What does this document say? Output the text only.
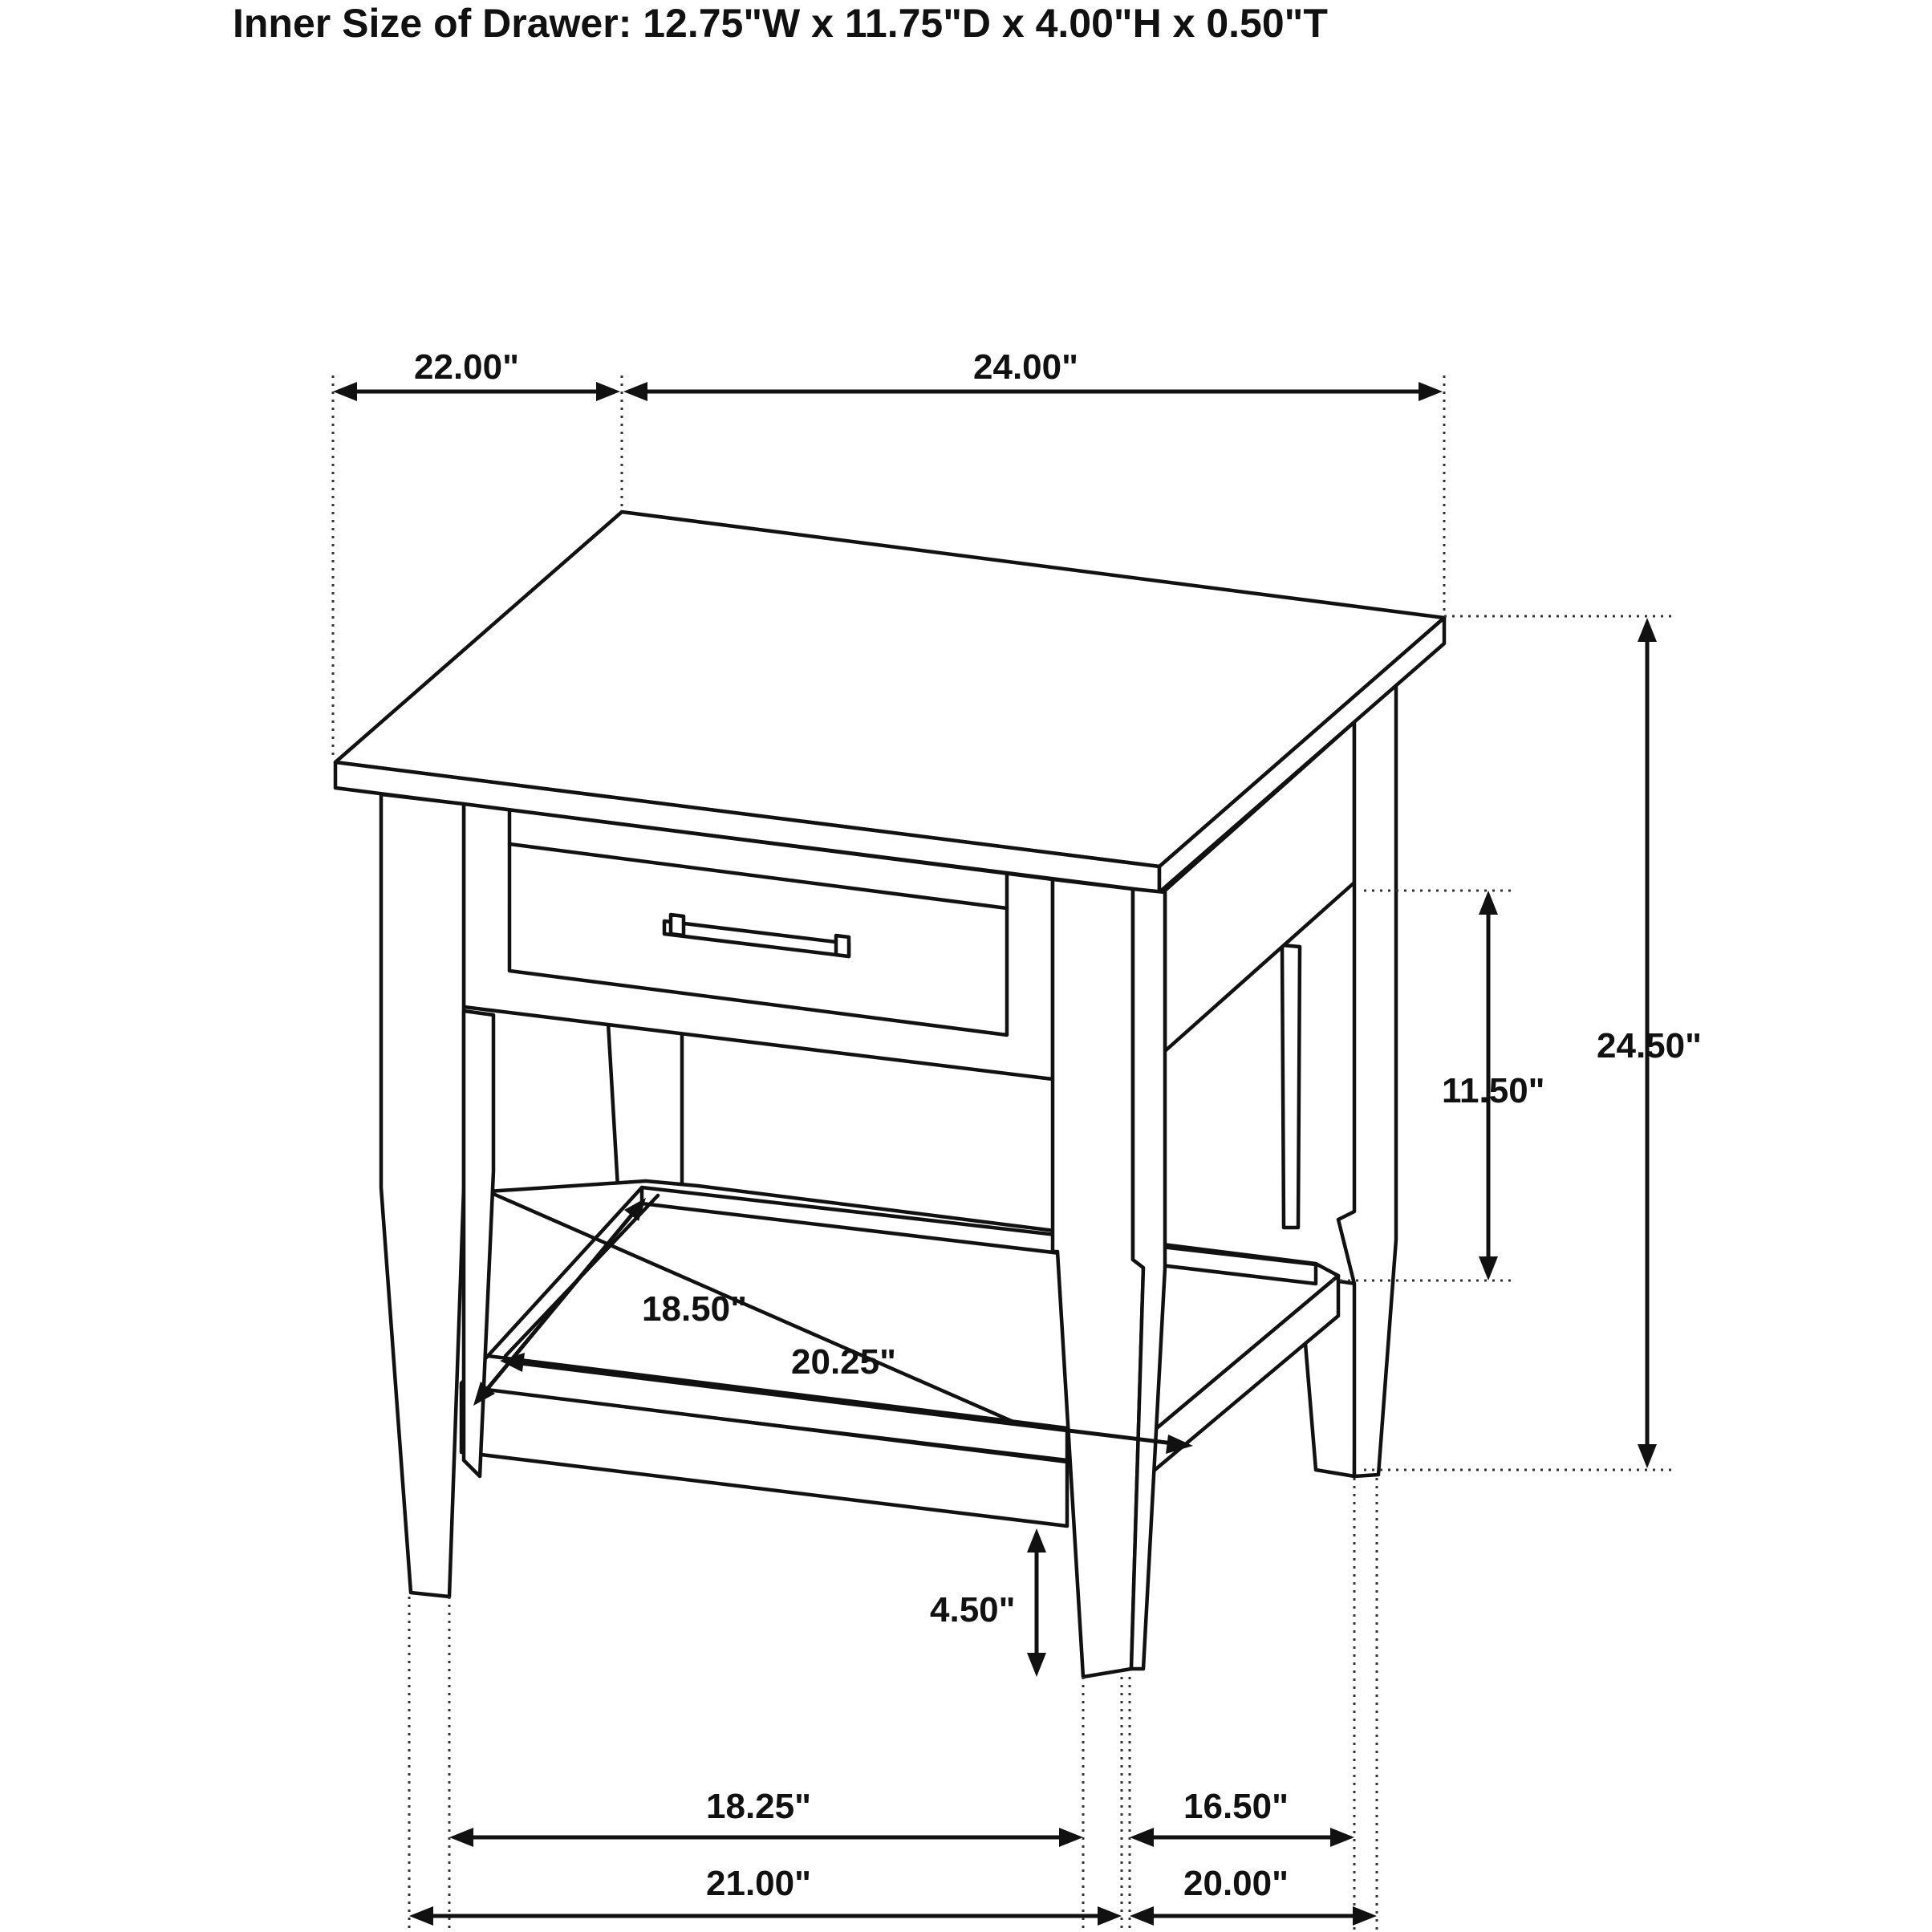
Inner Size of Drawer: 12.75"W x 11.75"D x 4.00"H x 0.50"T
22.00"	24.00"
24.50"
11.50"
18.50"
20.25"
4.50"
18.25"	16.50"
21.00"	20.00"
